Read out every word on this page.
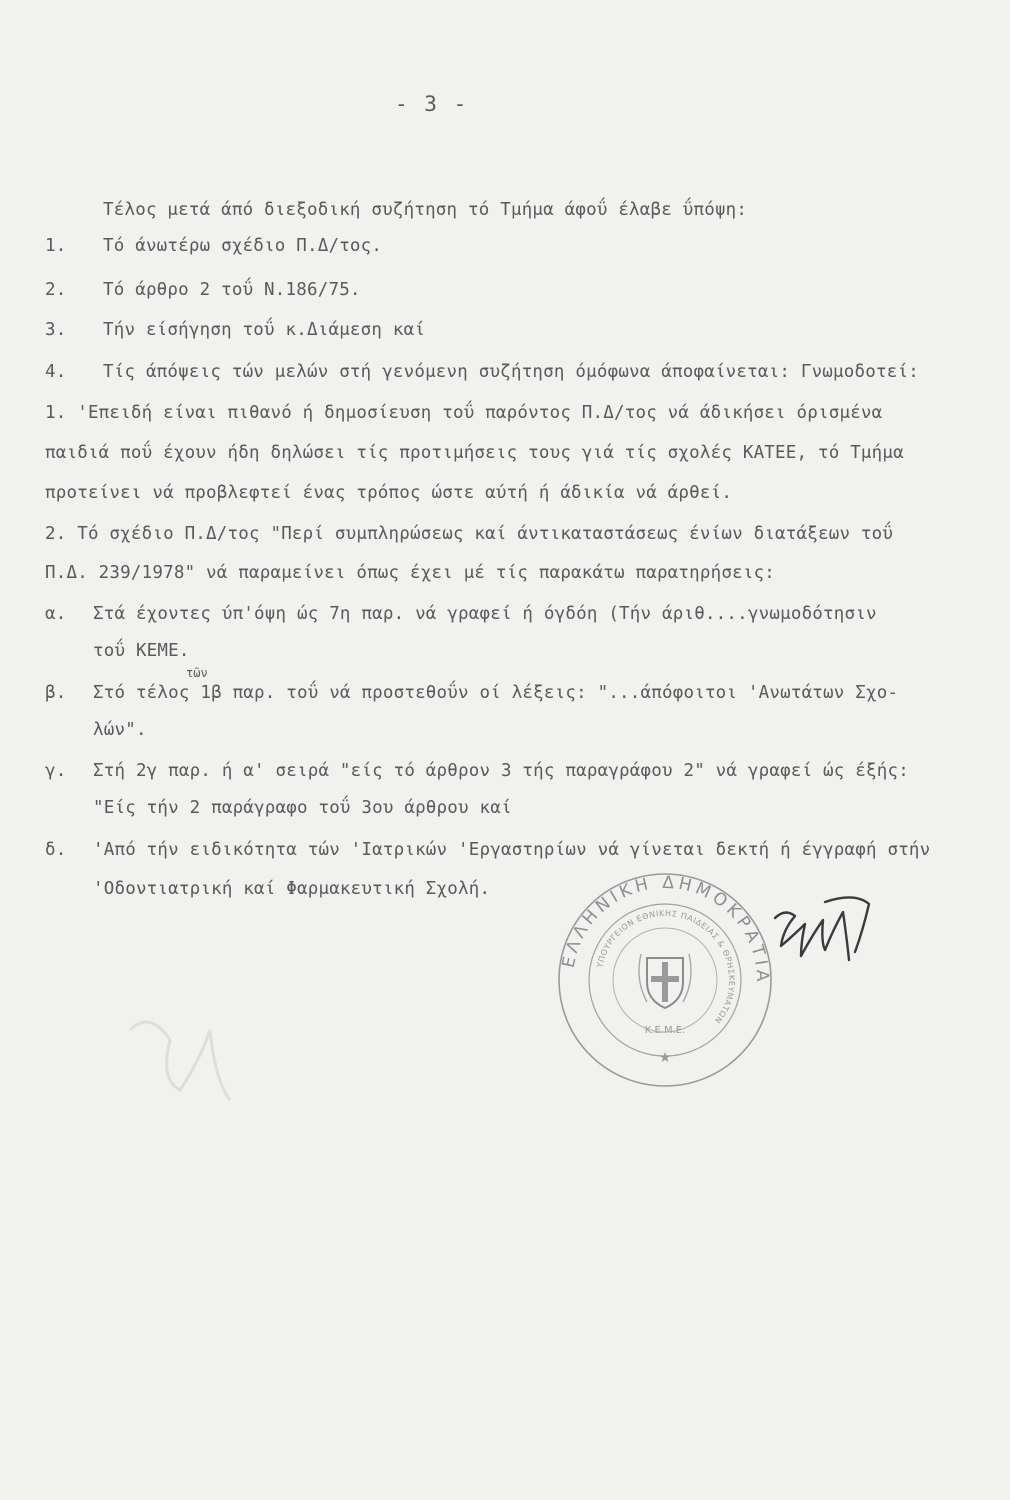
- 3 -
Τέλος μετά άπό διεξοδική συζήτηση τό Τμήμα άφοΰ έλαβε ΰπόψη:
1. Τό άνωτέρω σχέδιο Π.Δ/τος.
2. Τό άρθρο 2 τοΰ Ν.186/75.
3. Τήν είσήγηση τοΰ κ.Διάμεση καί
4. Τίς άπόψεις τών μελών στή γενόμενη συζήτηση όμόφωνα άποφαίνεται: Γνωμοδοτεί:
1. 'Επειδή είναι πιθανό ή δημοσίευση τοΰ παρόντος Π.Δ/τος νά άδικήσει όρισμένα
παιδιά ποΰ έχουν ήδη δηλώσει τίς προτιμήσεις τους γιά τίς σχολές ΚΑΤΕΕ, τό Τμήμα
προτείνει νά προβλεφτεί ένας τρόπος ώστε αύτή ή άδικία νά άρθεί.
2. Τό σχέδιο Π.Δ/τος "Περί συμπληρώσεως καί άντικαταστάσεως ένίων διατάξεων τοΰ
Π.Δ. 239/1978" νά παραμείνει όπως έχει μέ τίς παρακάτω παρατηρήσεις:
α. Στά έχοντες ύπ'όψη ώς 7η παρ. νά γραφεί ή όγδόη (Τήν άριθ....γνωμοδότησιν
τοΰ ΚΕΜΕ.
τῶν
β. Στό τέλος 1β παρ. τοΰ νά προστεθοΰν οί λέξεις: "...άπόφοιτοι 'Ανωτάτων Σχο-
λών".
γ. Στή 2γ παρ. ή α' σειρά "είς τό άρθρον 3 τής παραγράφου 2" νά γραφεί ώς έξής:
"Είς τήν 2 παράγραφο τοΰ 3ου άρθρου καί
δ. 'Από τήν ειδικότητα τών 'Ιατρικών 'Εργαστηρίων νά γίνεται δεκτή ή έγγραφή στήν
'Οδοντιατρική καί Φαρμακευτική Σχολή.
ΕΛΛΗΝΙΚΗ ΔΗΜΟΚΡΑΤΙΑ
ΥΠΟΥΡΓΕΙΟΝ ΕΘΝΙΚΗΣ ΠΑΙΔΕΙΑΣ & ΘΡΗΣΚΕΥΜΑΤΩΝ
Κ.Ε.Μ.Ε.
★
